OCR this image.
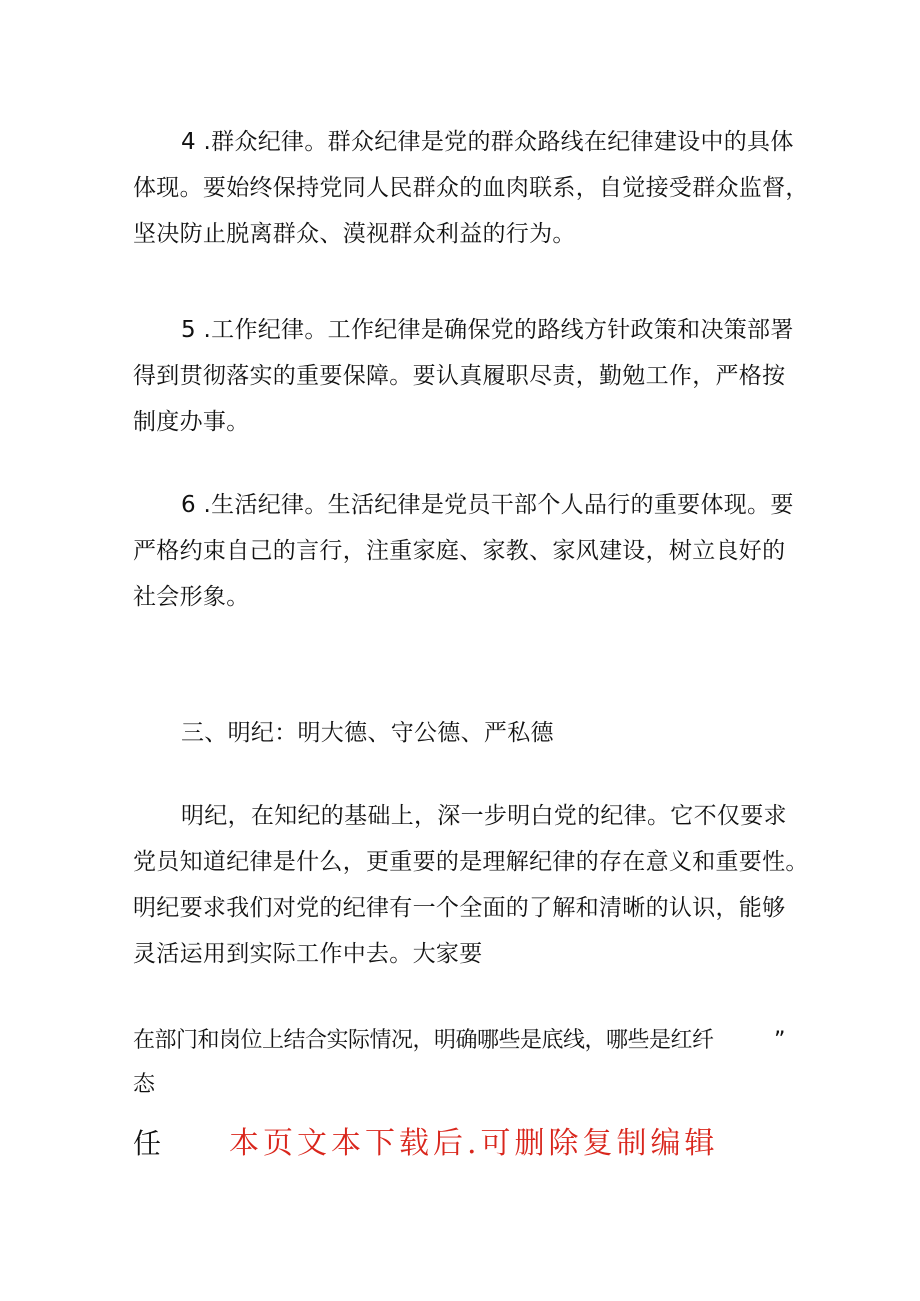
4 .群众纪律。群众纪律是党的群众路线在纪律建设中的具体
体现。要始终保持党同人民群众的血肉联系，自觉接受群众监督，
坚决防止脱离群众、漠视群众利益的行为。

5 .工作纪律。工作纪律是确保党的路线方针政策和决策部署
得到贯彻落实的重要保障。要认真履职尽责，勤勉工作，严格按
制度办事。

6 .生活纪律。生活纪律是党员干部个人品行的重要体现。要
严格约束自己的言行，注重家庭、家教、家风建设，树立良好的
社会形象。

三、明纪：明大德、守公德、严私德

明纪，在知纪的基础上，深一步明白党的纪律。它不仅要求
党员知道纪律是什么，更重要的是理解纪律的存在意义和重要性。
明纪要求我们对党的纪律有一个全面的了解和清晰的认识，能够
灵活运用到实际工作中去。大家要

在部门和岗位上结合实际情况，明确哪些是底线，哪些是红纤	”
态
任 本页文本下载后.可删除复制编辑
